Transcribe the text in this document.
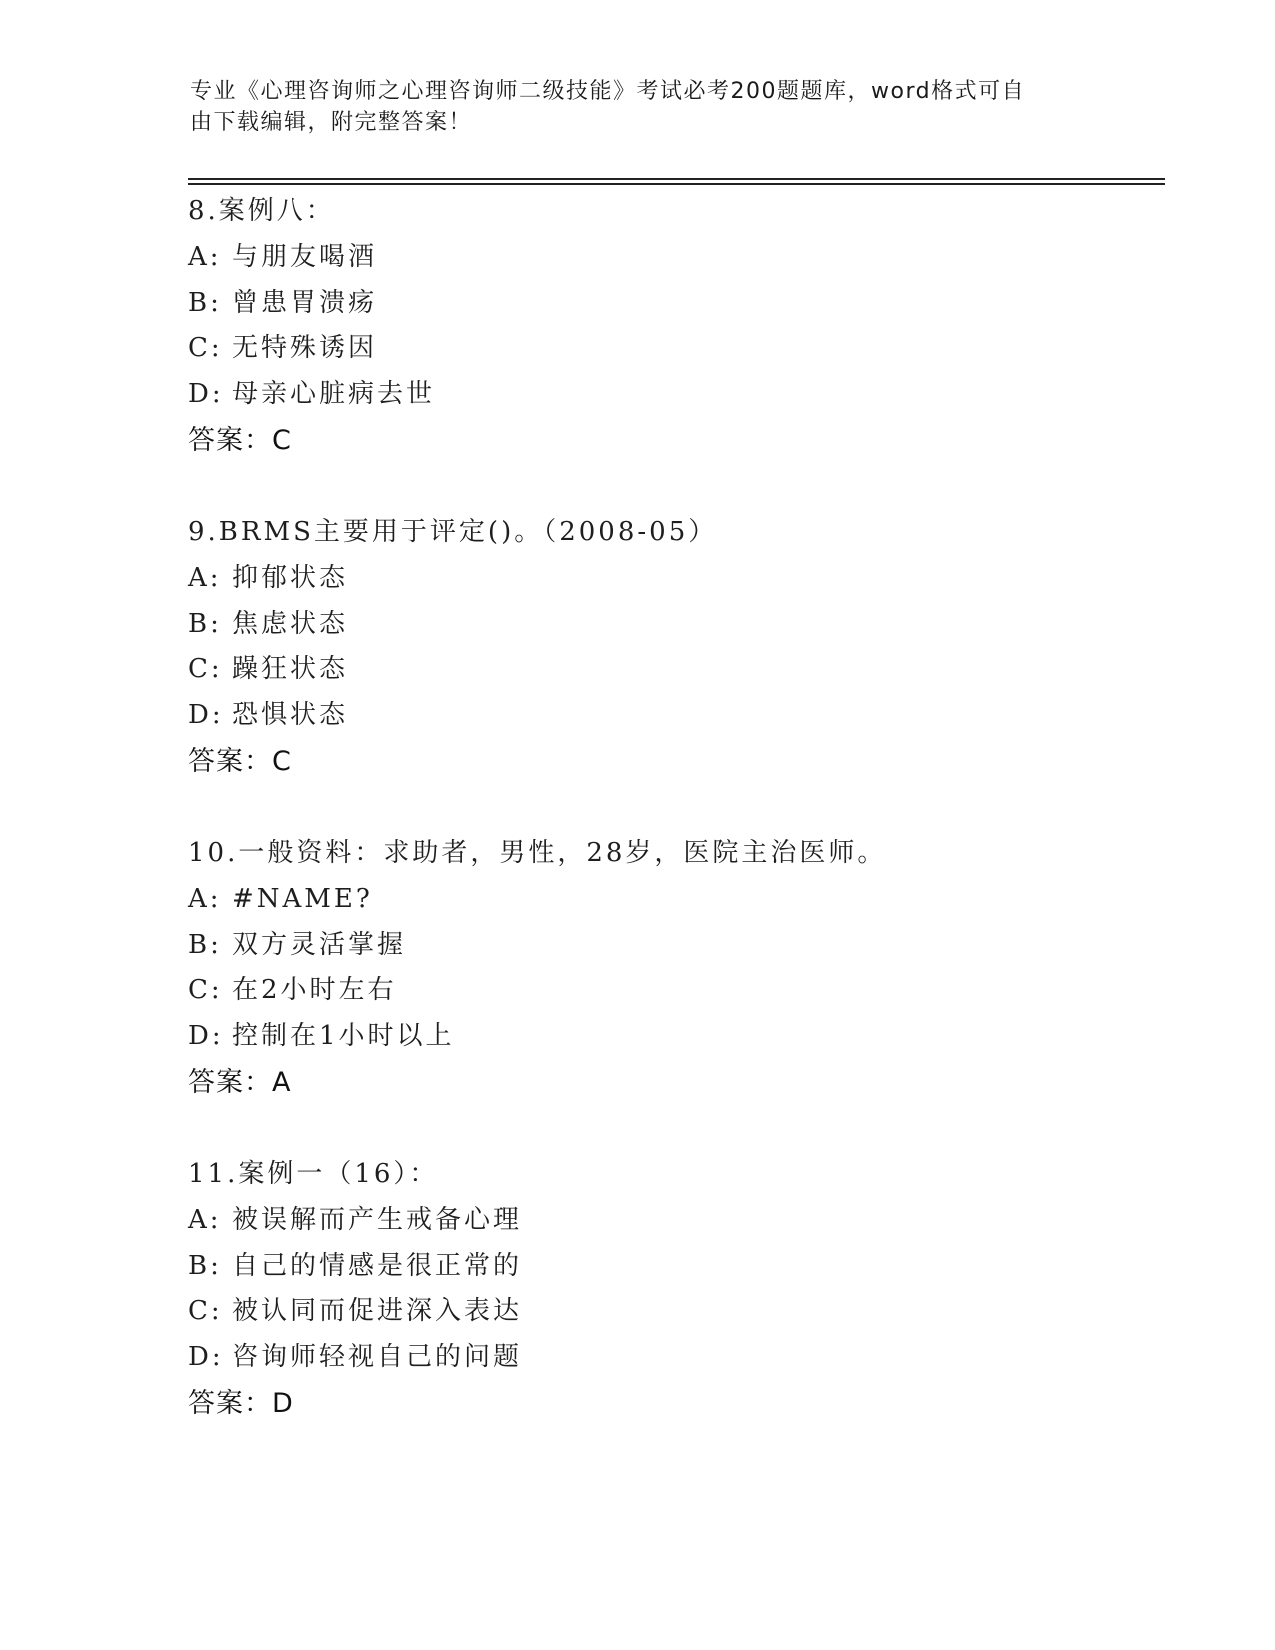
专业《心理咨询师之心理咨询师二级技能》考试必考200题题库，word格式可自
由下载编辑，附完整答案！
8.案例八：
A: 与朋友喝酒
B: 曾患胃溃疡
C: 无特殊诱因
D: 母亲心脏病去世
答案：C
9.BRMS主要用于评定()。（2008-05）
A: 抑郁状态
B: 焦虑状态
C: 躁狂状态
D: 恐惧状态
答案：C
10.一般资料：求助者，男性，28岁，医院主治医师。
A: #NAME?
B: 双方灵活掌握
C: 在2小时左右
D: 控制在1小时以上
答案：A
11.案例一（16）：
A: 被误解而产生戒备心理
B: 自己的情感是很正常的
C: 被认同而促进深入表达
D: 咨询师轻视自己的问题
答案：D
